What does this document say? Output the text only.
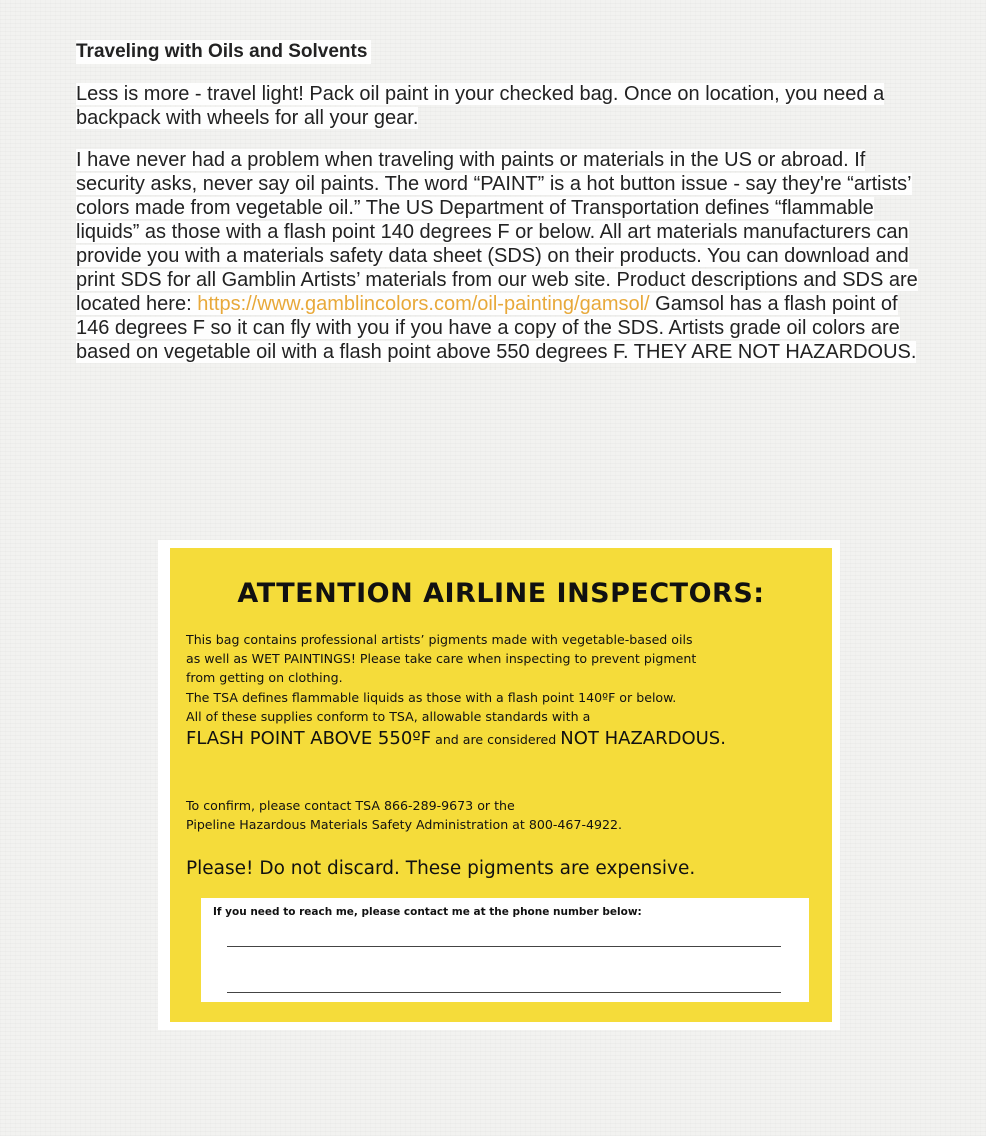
Traveling with Oils and Solvents

Less is more - travel light! Pack oil paint in your checked bag. Once on location, you need a backpack with wheels for all your gear.

I have never had a problem when traveling with paints or materials in the US or abroad. If security asks, never say oil paints. The word “PAINT” is a hot button issue - say they're “artists’ colors made from vegetable oil.” The US Department of Transportation defines “flammable liquids” as those with a flash point 140 degrees F or below. All art materials manufacturers can provide you with a materials safety data sheet (SDS) on their products. You can download and print SDS for all Gamblin Artists’ materials from our web site. Product descriptions and SDS are located here: https://www.gamblincolors.com/oil-painting/gamsol/ Gamsol has a flash point of 146 degrees F so it can fly with you if you have a copy of the SDS. Artists grade oil colors are based on vegetable oil with a flash point above 550 degrees F. THEY ARE NOT HAZARDOUS.

ATTENTION AIRLINE INSPECTORS:

This bag contains professional artists’ pigments made with vegetable-based oils

as well as WET PAINTINGS! Please take care when inspecting to prevent pigment

from getting on clothing.

The TSA defines flammable liquids as those with a flash point 140ºF or below.

All of these supplies conform to TSA, allowable standards with a

FLASH POINT ABOVE 550ºF and are considered NOT HAZARDOUS.

To confirm, please contact TSA 866-289-9673 or the

Pipeline Hazardous Materials Safety Administration at 800-467-4922.

Please! Do not discard. These pigments are expensive.

If you need to reach me, please contact me at the phone number below:
